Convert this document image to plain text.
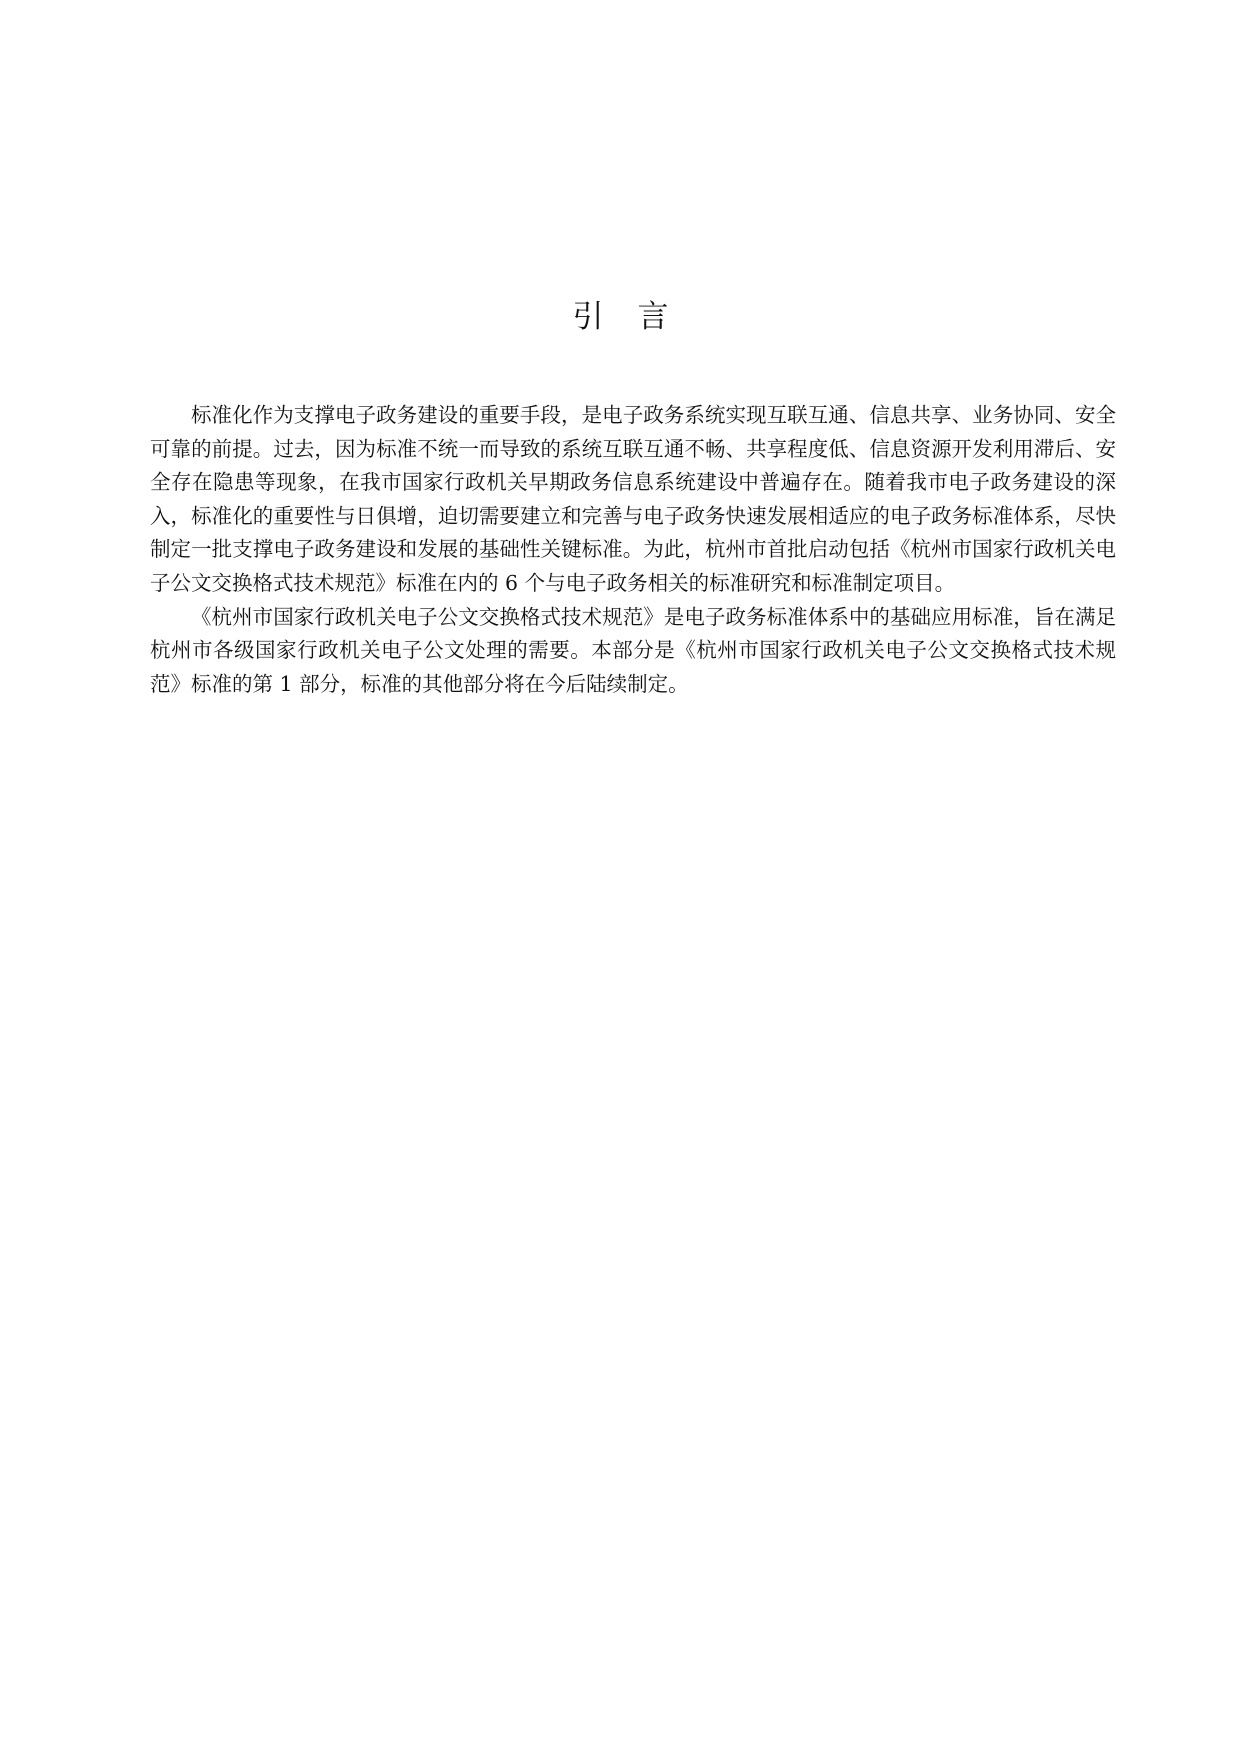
引言

标准化作为支撑电子政务建设的重要手段，是电子政务系统实现互联互通、信息共享、业务协同、安全可靠的前提。过去，因为标准不统一而导致的系统互联互通不畅、共享程度低、信息资源开发利用滞后、安全存在隐患等现象，在我市国家行政机关早期政务信息系统建设中普遍存在。随着我市电子政务建设的深入，标准化的重要性与日俱增，迫切需要建立和完善与电子政务快速发展相适应的电子政务标准体系，尽快制定一批支撑电子政务建设和发展的基础性关键标准。为此，杭州市首批启动包括《杭州市国家行政机关电子公文交换格式技术规范》标准在内的 6 个与电子政务相关的标准研究和标准制定项目。

《杭州市国家行政机关电子公文交换格式技术规范》是电子政务标准体系中的基础应用标准，旨在满足杭州市各级国家行政机关电子公文处理的需要。本部分是《杭州市国家行政机关电子公文交换格式技术规范》标准的第 1 部分，标准的其他部分将在今后陆续制定。
